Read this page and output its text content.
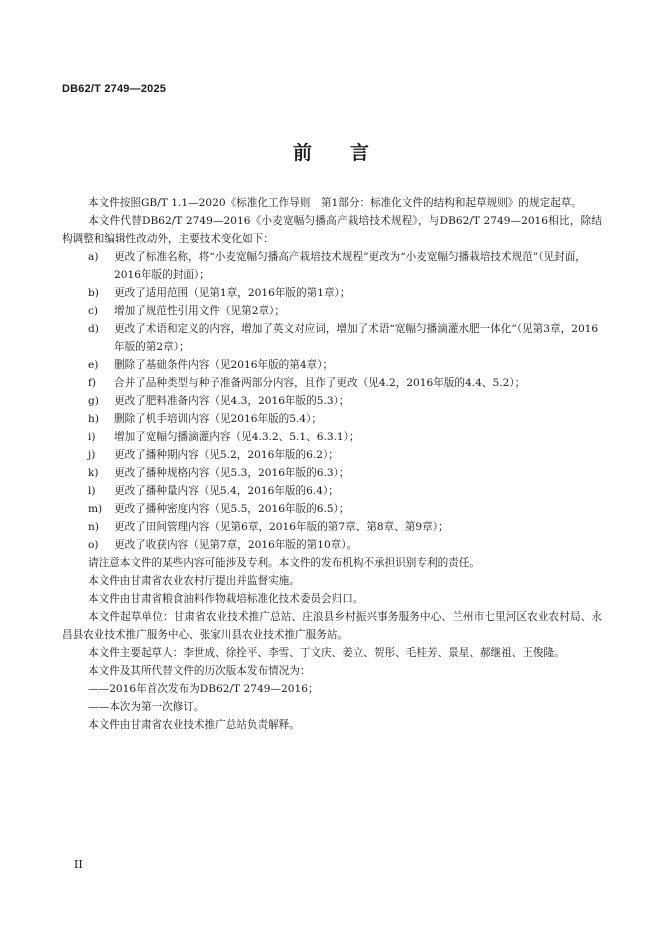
DB62/T 2749—2025
前　　言

本文件按照GB/T 1.1—2020《标准化工作导则　第1部分：标准化文件的结构和起草规则》的规定起草。

本文件代替DB62/T 2749—2016《小麦宽幅匀播高产栽培技术规程》，与DB62/T 2749—2016相比，除结构调整和编辑性改动外，主要技术变化如下：

a)	更改了标准名称，将“小麦宽幅匀播高产栽培技术规程”更改为“小麦宽幅匀播栽培技术规范”（见封面，2016年版的封面）；
b)	更改了适用范围（见第1章，2016年版的第1章）；
c)	增加了规范性引用文件（见第2章）；
d)	更改了术语和定义的内容，增加了英文对应词，增加了术语“宽幅匀播滴灌水肥一体化”（见第3章，2016年版的第2章）；
e)	删除了基础条件内容（见2016年版的第4章）；
f)	合并了品种类型与种子准备两部分内容，且作了更改（见4.2，2016年版的4.4、5.2）；
g)	更改了肥料准备内容（见4.3，2016年版的5.3）；
h)	删除了机手培训内容（见2016年版的5.4）；
i)	增加了宽幅匀播滴灌内容（见4.3.2、5.1、6.3.1）；
j)	更改了播种期内容（见5.2，2016年版的6.2）；
k)	更改了播种规格内容（见5.3，2016年版的6.3）；
l)	更改了播种量内容（见5.4，2016年版的6.4）；
m)	更改了播种密度内容（见5.5，2016年版的6.5）；
n)	更改了田间管理内容（见第6章，2016年版的第7章、第8章、第9章）；
o)	更改了收获内容（见第7章，2016年版的第10章）。

请注意本文件的某些内容可能涉及专利。本文件的发布机构不承担识别专利的责任。

本文件由甘肃省农业农村厅提出并监督实施。

本文件由甘肃省粮食油料作物栽培标准化技术委员会归口。

本文件起草单位：甘肃省农业技术推广总站、庄浪县乡村振兴事务服务中心、兰州市七里河区农业农村局、永昌县农业技术推广服务中心、张家川县农业技术推广服务站。

本文件主要起草人：李世成、徐拴平、李雪、丁文庆、姜立、贺彤、毛桂芳、景星、郝继祖、王俊隆。

本文件及其所代替文件的历次版本发布情况为：

——2016年首次发布为DB62/T 2749—2016；

——本次为第一次修订。

本文件由甘肃省农业技术推广总站负责解释。

II
